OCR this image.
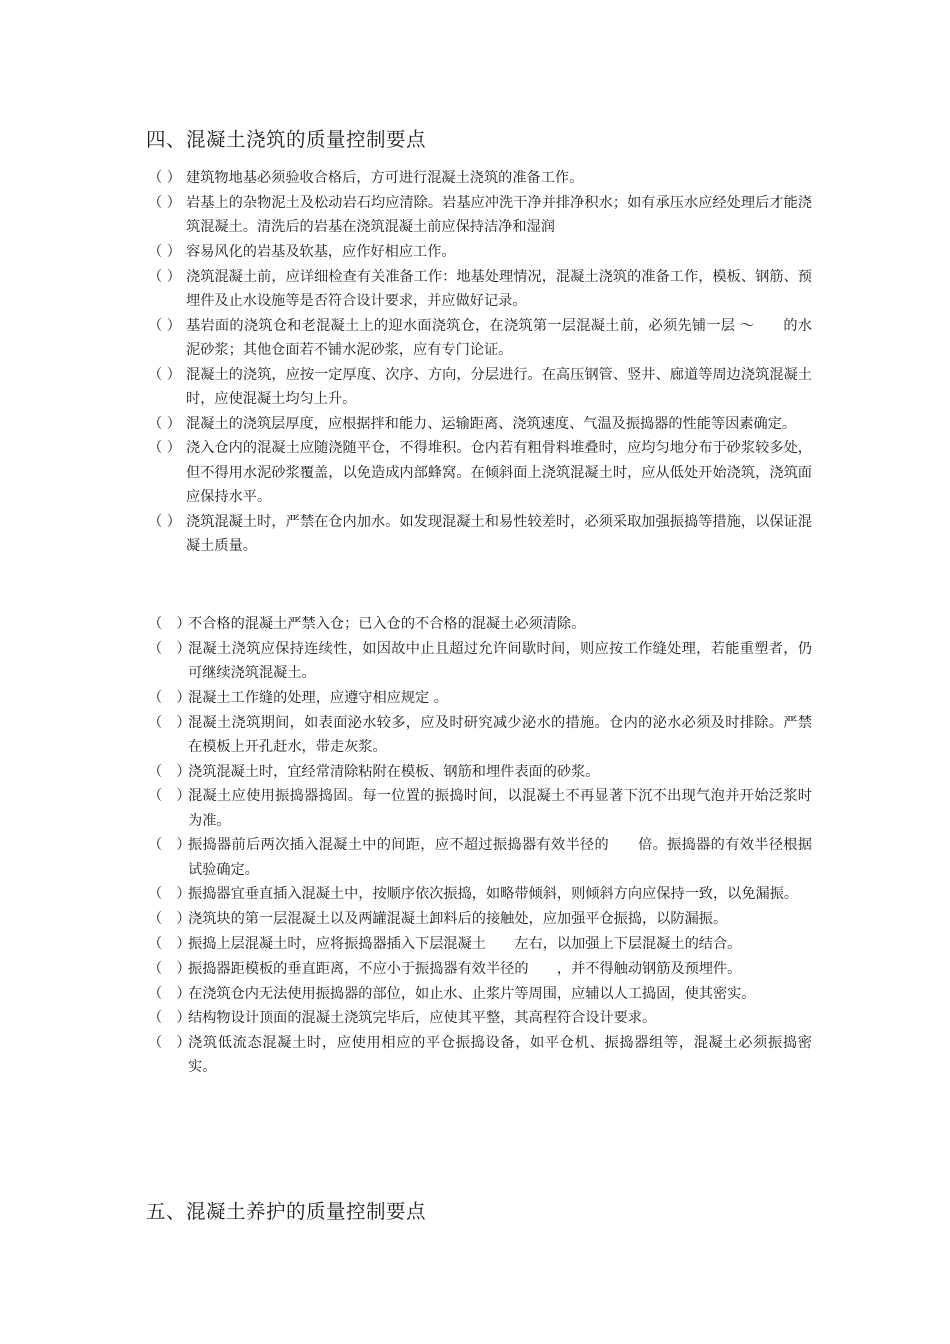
四、混凝土浇筑的质量控制要点
（ ） 建筑物地基必须验收合格后，方可进行混凝土浇筑的准备工作。
（ ） 岩基上的杂物泥土及松动岩石均应清除。岩基应冲洗干净并排净积水；如有承压水应经处理后才能浇筑混凝土。清洗后的岩基在浇筑混凝土前应保持洁净和湿润
（ ） 容易风化的岩基及软基，应作好相应工作。
（ ） 浇筑混凝土前，应详细检查有关准备工作：地基处理情况，混凝土浇筑的准备工作，模板、钢筋、预埋件及止水设施等是否符合设计要求，并应做好记录。
（ ） 基岩面的浇筑仓和老混凝土上的迎水面浇筑仓，在浇筑第一层混凝土前，必须先铺一层 ～　　的水泥砂浆；其他仓面若不铺水泥砂浆，应有专门论证。
（ ） 混凝土的浇筑，应按一定厚度、次序、方向，分层进行。在高压钢管、竖井、廊道等周边浇筑混凝土时，应使混凝土均匀上升。
（ ） 混凝土的浇筑层厚度，应根据拌和能力、运输距离、浇筑速度、气温及振捣器的性能等因素确定。
（ ） 浇入仓内的混凝土应随浇随平仓，不得堆积。仓内若有粗骨料堆叠时，应均匀地分布于砂浆较多处，但不得用水泥砂浆覆盖，以免造成内部蜂窝。在倾斜面上浇筑混凝土时，应从低处开始浇筑，浇筑面应保持水平。
（ ） 浇筑混凝土时，严禁在仓内加水。如发现混凝土和易性较差时，必须采取加强振捣等措施，以保证混凝土质量。
（　）
不合格的混凝土严禁入仓；已入仓的不合格的混凝土必须清除。
（　）
混凝土浇筑应保持连续性，如因故中止且超过允许间歇时间，则应按工作缝处理，若能重塑者，仍可继续浇筑混凝土。
（　）
混凝土工作缝的处理，应遵守相应规定 。
（　）
混凝土浇筑期间，如表面泌水较多，应及时研究减少泌水的措施。仓内的泌水必须及时排除。严禁在模板上开孔赶水，带走灰浆。
（　）
浇筑混凝土时，宜经常清除粘附在模板、钢筋和埋件表面的砂浆。
（　）
混凝土应使用振捣器捣固。每一位置的振捣时间，以混凝土不再显著下沉不出现气泡并开始泛浆时为准。
（　）
振捣器前后两次插入混凝土中的间距，应不超过振捣器有效半径的　　倍。振捣器的有效半径根据试验确定。
（　）
振捣器宜垂直插入混凝土中，按顺序依次振捣，如略带倾斜，则倾斜方向应保持一致，以免漏振。
（　）
浇筑块的第一层混凝土以及两罐混凝土卸料后的接触处，应加强平仓振捣，以防漏振。
（　）
振捣上层混凝土时，应将振捣器插入下层混凝土　　左右，以加强上下层混凝土的结合。
（　）
振捣器距模板的垂直距离，不应小于振捣器有效半径的　　，并不得触动钢筋及预埋件。
（　）
在浇筑仓内无法使用振捣器的部位，如止水、止浆片等周围，应辅以人工捣固，使其密实。
（　）
结构物设计顶面的混凝土浇筑完毕后，应使其平整，其高程符合设计要求。
（　）
浇筑低流态混凝土时，应使用相应的平仓振捣设备，如平仓机、振捣器组等，混凝土必须振捣密实。
五、混凝土养护的质量控制要点
